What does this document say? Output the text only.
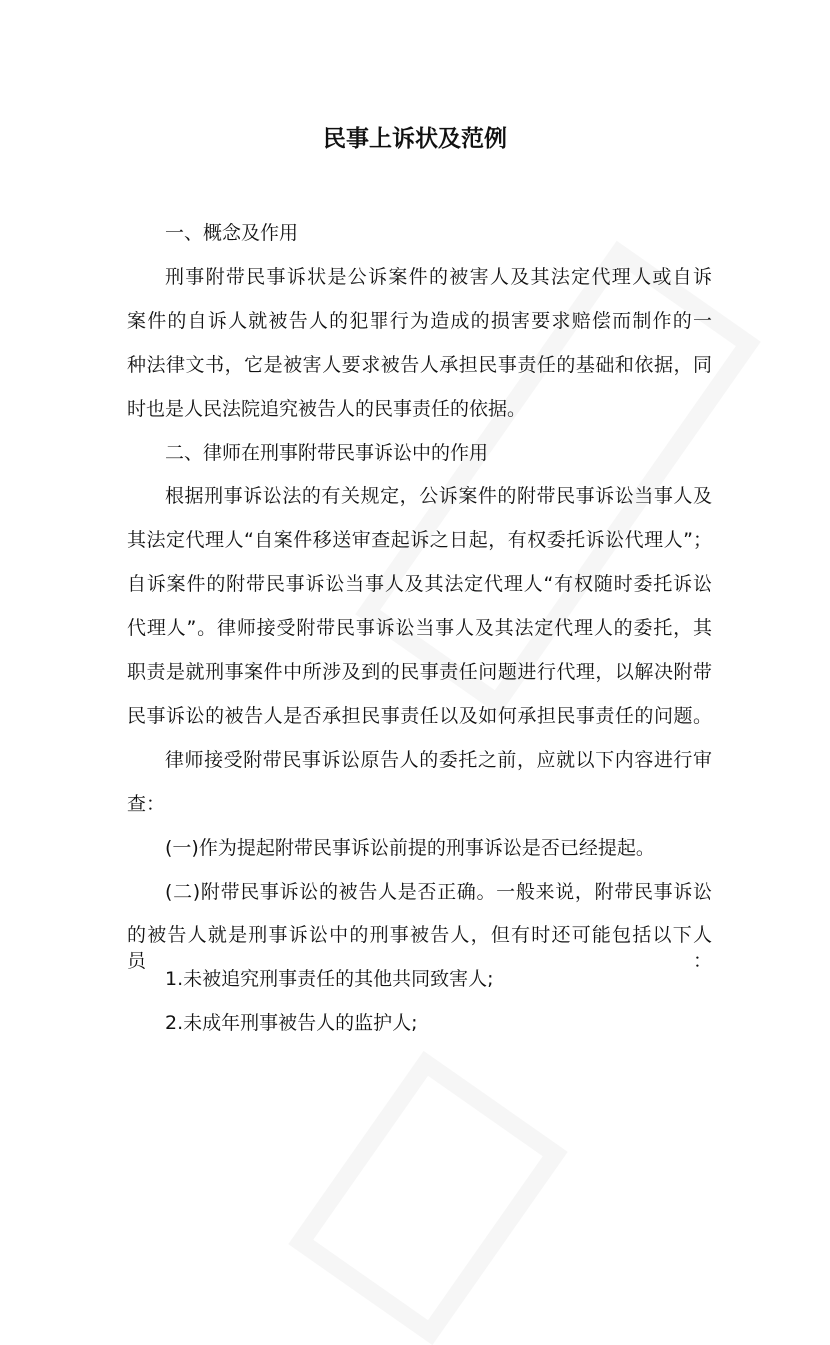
民事上诉状及范例
一、概念及作用
刑事附带民事诉状是公诉案件的被害人及其法定代理人或自诉
案件的自诉人就被告人的犯罪行为造成的损害要求赔偿而制作的一
种法律文书，它是被害人要求被告人承担民事责任的基础和依据，同
时也是人民法院追究被告人的民事责任的依据。
二、律师在刑事附带民事诉讼中的作用
根据刑事诉讼法的有关规定，公诉案件的附带民事诉讼当事人及
其法定代理人“自案件移送审查起诉之日起，有权委托诉讼代理人”；
自诉案件的附带民事诉讼当事人及其法定代理人“有权随时委托诉讼
代理人”。律师接受附带民事诉讼当事人及其法定代理人的委托，其
职责是就刑事案件中所涉及到的民事责任问题进行代理，以解决附带
民事诉讼的被告人是否承担民事责任以及如何承担民事责任的问题。
律师接受附带民事诉讼原告人的委托之前，应就以下内容进行审
查：
(一)作为提起附带民事诉讼前提的刑事诉讼是否已经提起。
(二)附带民事诉讼的被告人是否正确。一般来说，附带民事诉讼
的被告人就是刑事诉讼中的刑事被告人，但有时还可能包括以下人员：
1.未被追究刑事责任的其他共同致害人;
2.未成年刑事被告人的监护人;
